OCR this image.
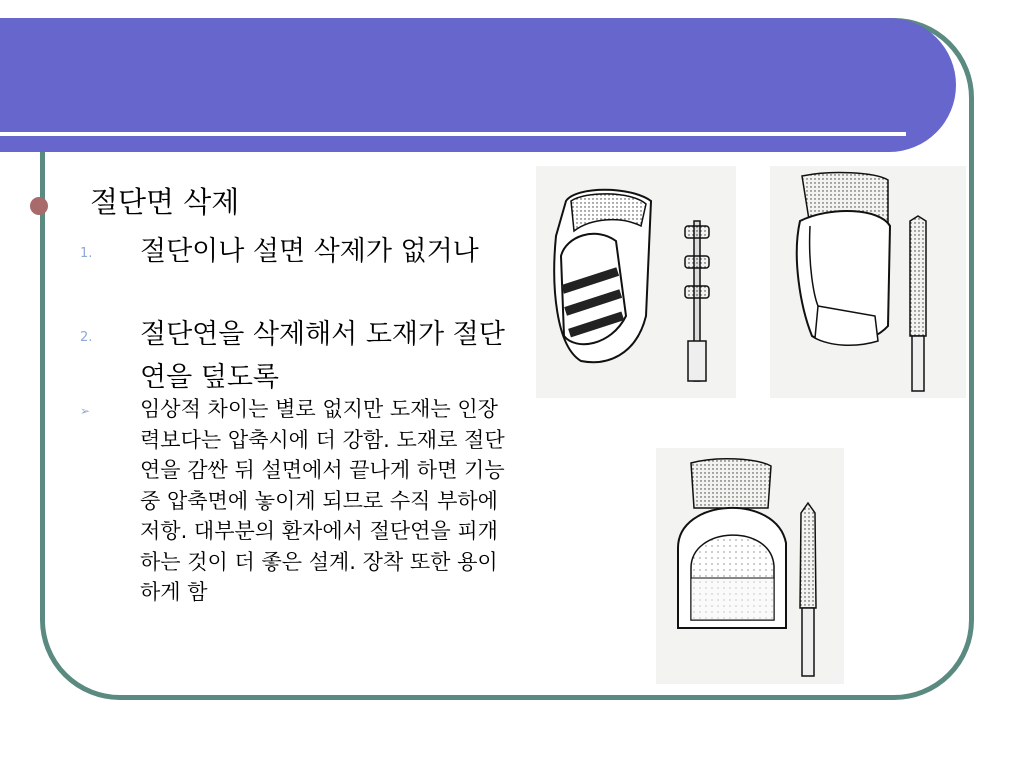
절단면 삭제
1. 절단이나 설면 삭제가 없거나
2. 절단연을 삭제해서 도재가 절단연을 덮도록
➢ 임상적 차이는 별로 없지만 도재는 인장력보다는 압축시에 더 강함. 도재로 절단연을 감싼 뒤 설면에서 끝나게 하면 기능중 압축면에 놓이게 되므로 수직 부하에 저항. 대부분의 환자에서 절단연을 피개하는 것이 더 좋은 설계. 장착 또한 용이하게 함
